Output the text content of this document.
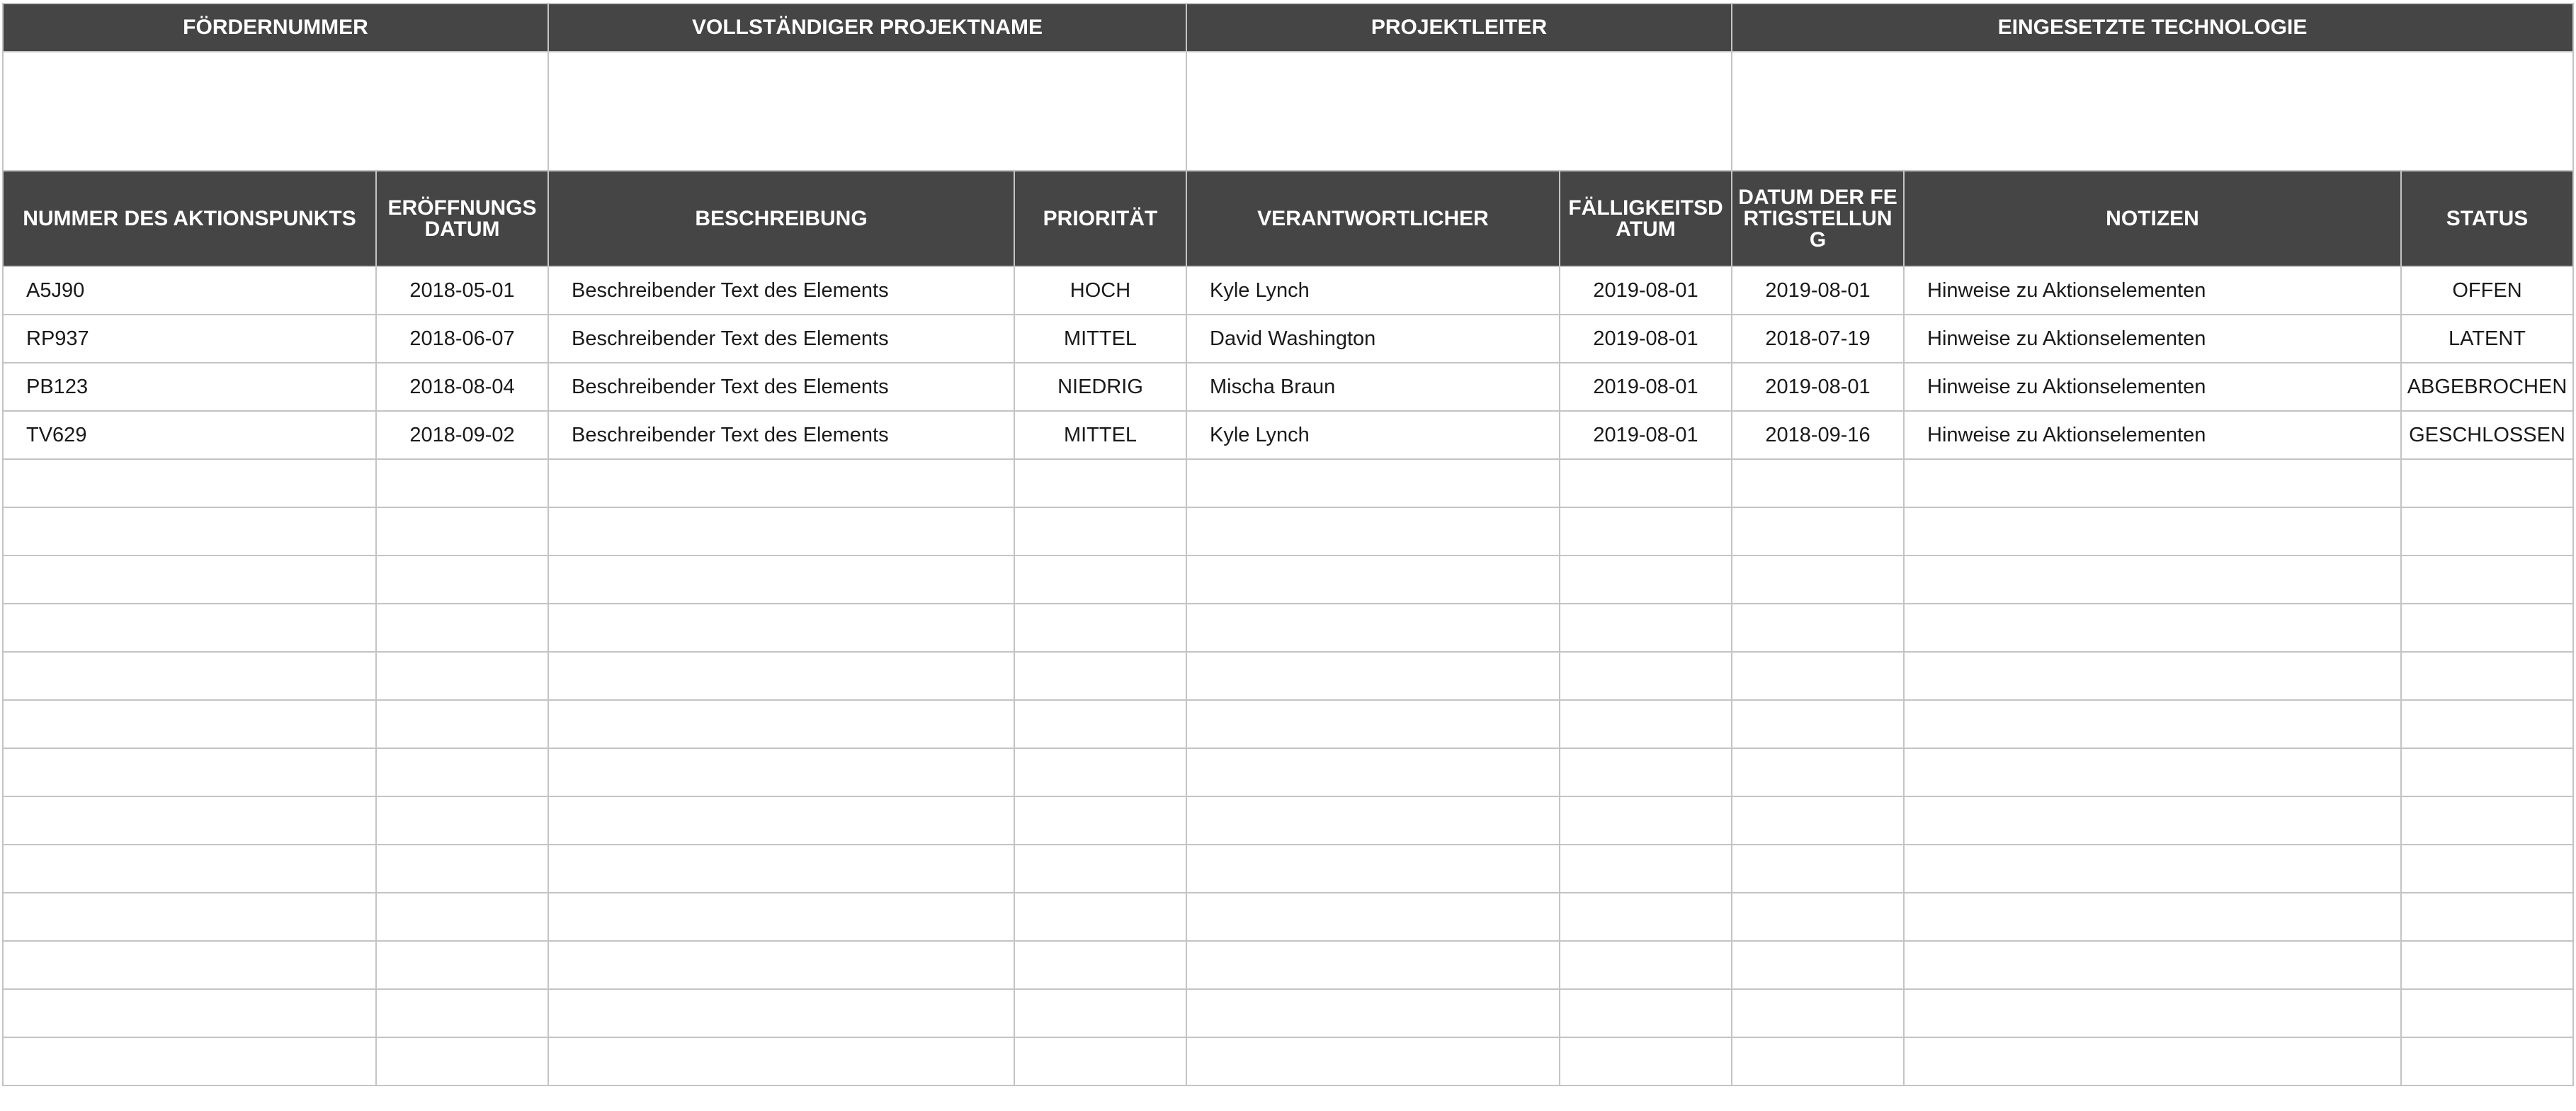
FÖRDERNUMMER		VOLLSTÄNDIGER PROJEKTNAME		PROJEKTLEITER		EINGESETZTE TECHNOLOGIE		

NUMMER DES AKTIONSPUNKTS	ERÖFFNUNGS DATUM	BESCHREIBUNG	PRIORITÄT	VERANTWORTLICHER	FÄLLIGKEITSDATUM	DATUM DER FERTIGSTELLUNG	NOTIZEN	STATUS
A5J90	2018-05-01	Beschreibender Text des Elements	HOCH	Kyle Lynch	2019-08-01	2019-08-01	Hinweise zu Aktionselementen	OFFEN
RP937	2018-06-07	Beschreibender Text des Elements	MITTEL	David Washington	2019-08-01	2018-07-19	Hinweise zu Aktionselementen	LATENT
PB123	2018-08-04	Beschreibender Text des Elements	NIEDRIG	Mischa Braun	2019-08-01	2019-08-01	Hinweise zu Aktionselementen	ABGEBROCHEN
TV629	2018-09-02	Beschreibender Text des Elements	MITTEL	Kyle Lynch	2019-08-01	2018-09-16	Hinweise zu Aktionselementen	GESCHLOSSEN
